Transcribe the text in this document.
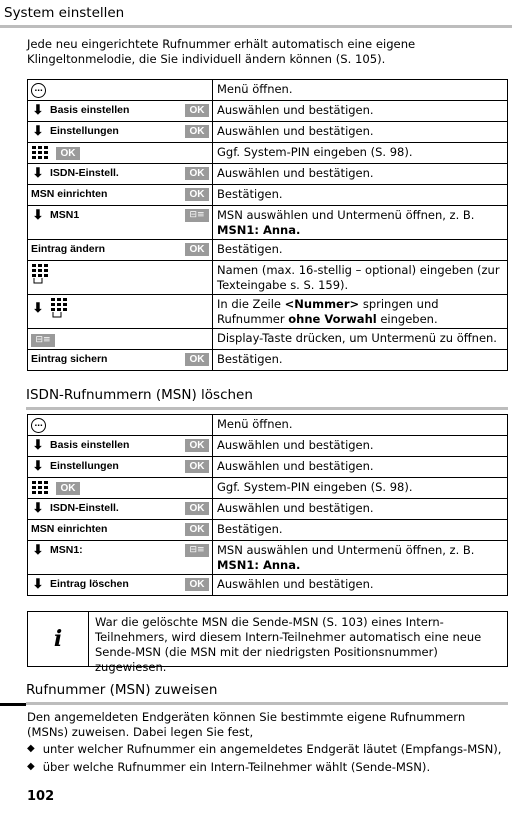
System einstellen
Jede neu eingerichtete Rufnummer erhält automatisch eine eigene Klingeltonmelodie, die Sie individuell ändern können (S. 105).
⋯	Menü öffnen.

⬇ Basis einstellen OK	Auswählen und bestätigen.

⬇ Einstellungen OK	Auswählen und bestätigen.

OK	Ggf. System-PIN eingeben (S. 98).

⬇ ISDN-Einstell. OK	Auswählen und bestätigen.

MSN einrichten OK	Bestätigen.

⬇ MSN1 ⊟≡	MSN auswählen und Untermenü öffnen, z. B.
MSN1: Anna.

Eintrag ändern OK	Bestätigen.
	Namen (max. 16-stellig – optional) eingeben (zur Texteingabe s. S. 159).

⬇	In die Zeile <Nummer> springen und Rufnummer ohne Vorwahl eingeben.
⊟≡	Display-Taste drücken, um Untermenü zu öffnen.

Eintrag sichern OK	Bestätigen.
ISDN-Rufnummern (MSN) löschen
⋯	Menü öffnen.

⬇ Basis einstellen OK	Auswählen und bestätigen.

⬇ Einstellungen OK	Auswählen und bestätigen.

OK	Ggf. System-PIN eingeben (S. 98).

⬇ ISDN-Einstell. OK	Auswählen und bestätigen.

MSN einrichten OK	Bestätigen.

⬇ MSN1: ⊟≡	MSN auswählen und Untermenü öffnen, z. B.
MSN1: Anna.

⬇ Eintrag löschen OK	Auswählen und bestätigen.
i
War die gelöschte MSN die Sende-MSN (S. 103) eines Intern-Teilnehmers, wird diesem Intern-Teilnehmer automatisch eine neue Sende-MSN (die MSN mit der niedrigsten Positionsnummer) zugewiesen.
Rufnummer (MSN) zuweisen
Den angemeldeten Endgeräten können Sie bestimmte eigene Rufnummern (MSNs) zuweisen. Dabei legen Sie fest,
◆ unter welcher Rufnummer ein angemeldetes Endgerät läutet (Empfangs-MSN),
◆ über welche Rufnummer ein Intern-Teilnehmer wählt (Sende-MSN).
102
